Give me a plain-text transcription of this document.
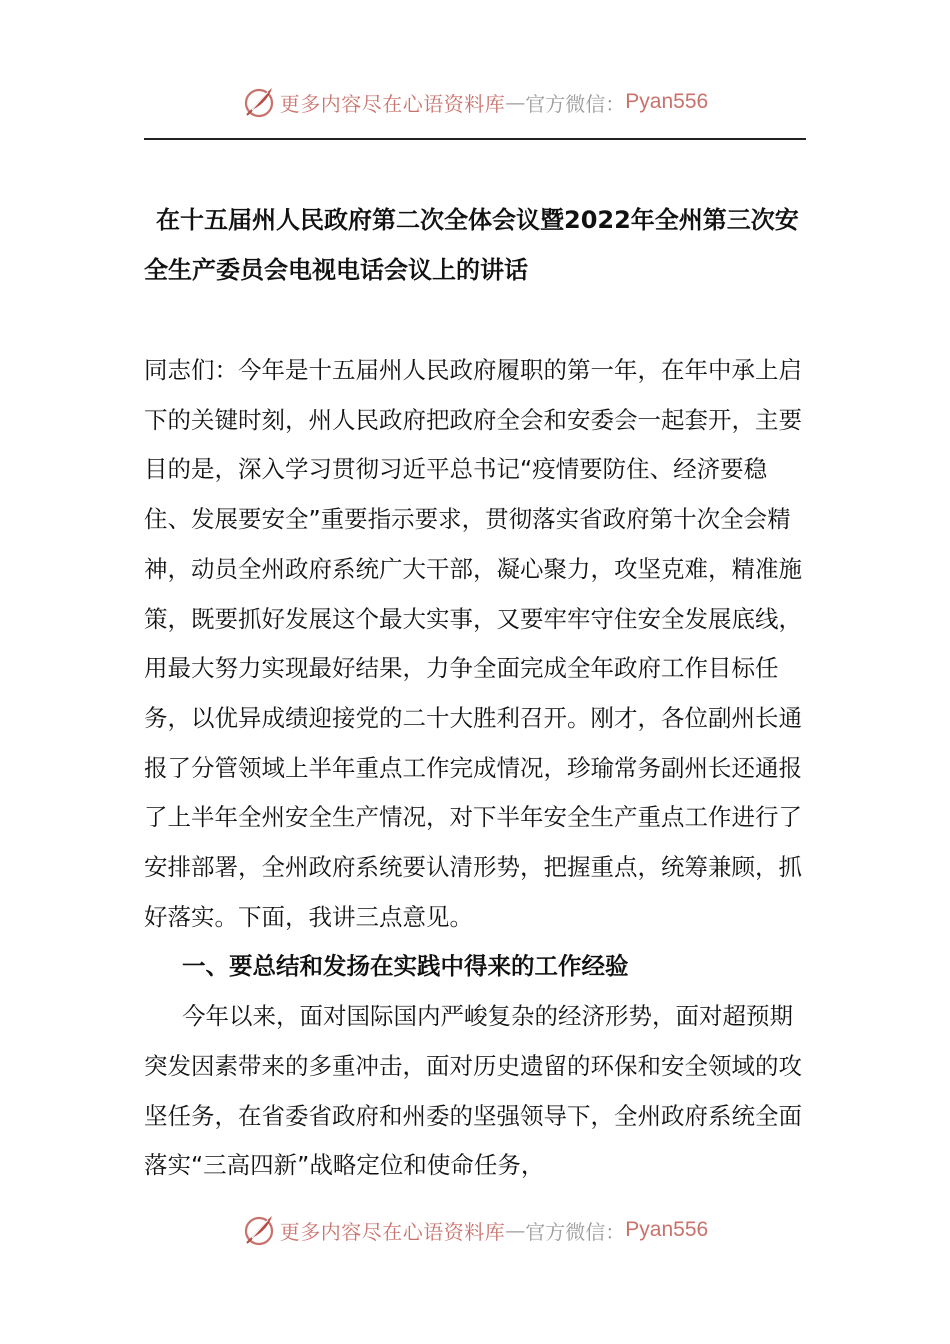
更多内容尽在心语资料库 — 官方微信： Pyan556
在十五届州人民政府第二次全体会议暨2022年全州第三次安全生产委员会电视电话会议上的讲话

同志们：今年是十五届州人民政府履职的第一年，在年中承上启下的关键时刻，州人民政府把政府全会和安委会一起套开，主要目的是，深入学习贯彻习近平总书记“疫情要防住、经济要稳住、发展要安全”重要指示要求，贯彻落实省政府第十次全会精神，动员全州政府系统广大干部，凝心聚力，攻坚克难，精准施策，既要抓好发展这个最大实事，又要牢牢守住安全发展底线，用最大努力实现最好结果，力争全面完成全年政府工作目标任务，以优异成绩迎接党的二十大胜利召开。刚才，各位副州长通报了分管领域上半年重点工作完成情况，珍瑜常务副州长还通报了上半年全州安全生产情况，对下半年安全生产重点工作进行了安排部署，全州政府系统要认清形势，把握重点，统筹兼顾，抓好落实。下面，我讲三点意见。

一、要总结和发扬在实践中得来的工作经验

今年以来，面对国际国内严峻复杂的经济形势，面对超预期突发因素带来的多重冲击，面对历史遗留的环保和安全领域的攻坚任务，在省委省政府和州委的坚强领导下，全州政府系统全面落实“三高四新”战略定位和使命任务，

更多内容尽在心语资料库 — 官方微信： Pyan556
